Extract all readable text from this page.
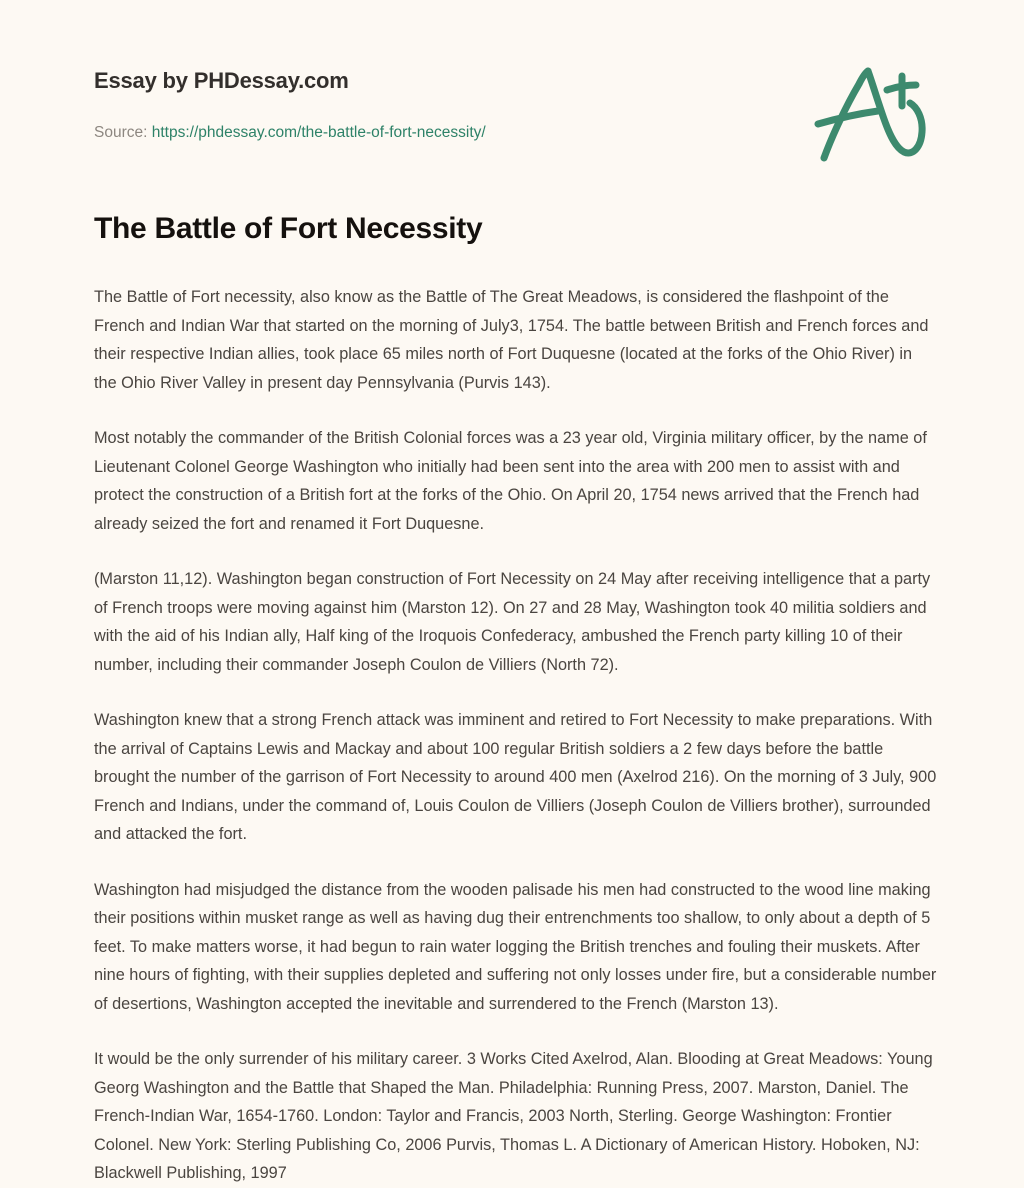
Essay by PHDessay.com
Source: https://phdessay.com/the-battle-of-fort-necessity/
The Battle of Fort Necessity

The Battle of Fort necessity, also know as the Battle of The Great Meadows, is considered the flashpoint of the French and Indian War that started on the morning of July3, 1754. The battle between British and French forces and their respective Indian allies, took place 65 miles north of Fort Duquesne (located at the forks of the Ohio River) in the Ohio River Valley in present day Pennsylvania (Purvis 143).

Most notably the commander of the British Colonial forces was a 23 year old, Virginia military officer, by the name of Lieutenant Colonel George Washington who initially had been sent into the area with 200 men to assist with and protect the construction of a British fort at the forks of the Ohio. On April 20, 1754 news arrived that the French had already seized the fort and renamed it Fort Duquesne.

(Marston 11,12). Washington began construction of Fort Necessity on 24 May after receiving intelligence that a party of French troops were moving against him (Marston 12). On 27 and 28 May, Washington took 40 militia soldiers and with the aid of his Indian ally, Half king of the Iroquois Confederacy, ambushed the French party killing 10 of their number, including their commander Joseph Coulon de Villiers (North 72).

Washington knew that a strong French attack was imminent and retired to Fort Necessity to make preparations. With the arrival of Captains Lewis and Mackay and about 100 regular British soldiers a 2 few days before the battle brought the number of the garrison of Fort Necessity to around 400 men (Axelrod 216). On the morning of 3 July, 900 French and Indians, under the command of, Louis Coulon de Villiers (Joseph Coulon de Villiers brother), surrounded and attacked the fort.

Washington had misjudged the distance from the wooden palisade his men had constructed to the wood line making their positions within musket range as well as having dug their entrenchments too shallow, to only about a depth of 5 feet. To make matters worse, it had begun to rain water logging the British trenches and fouling their muskets. After nine hours of fighting, with their supplies depleted and suffering not only losses under fire, but a considerable number of desertions, Washington accepted the inevitable and surrendered to the French (Marston 13).

It would be the only surrender of his military career. 3 Works Cited Axelrod, Alan. Blooding at Great Meadows: Young Georg Washington and the Battle that Shaped the Man. Philadelphia: Running Press, 2007. Marston, Daniel. The French-Indian War, 1654-1760. London: Taylor and Francis, 2003 North, Sterling. George Washington: Frontier Colonel. New York: Sterling Publishing Co, 2006 Purvis, Thomas L. A Dictionary of American History. Hoboken, NJ: Blackwell Publishing, 1997
